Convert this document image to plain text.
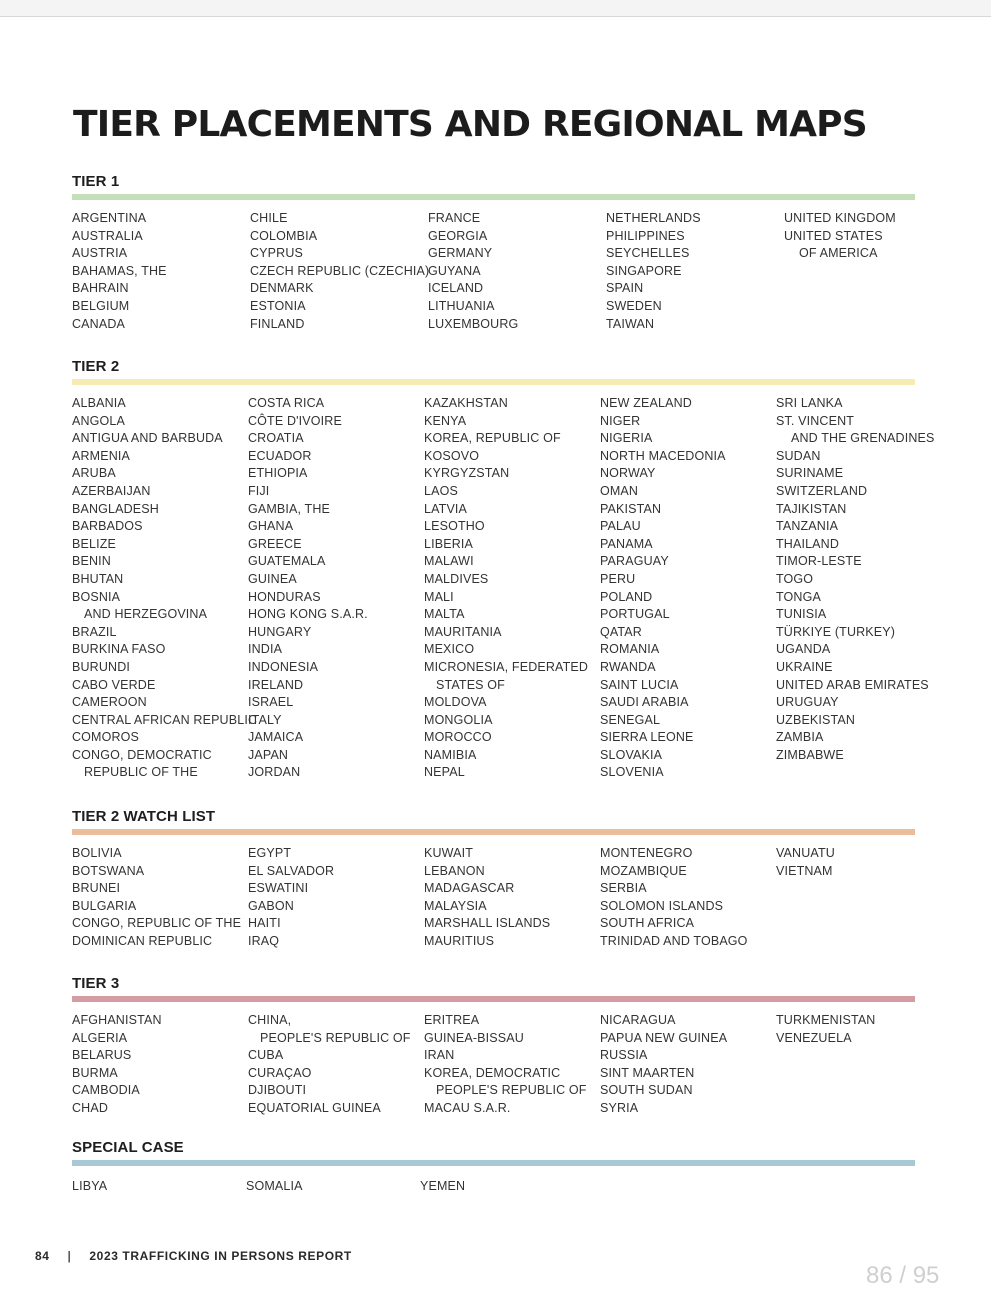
TIER PLACEMENTS AND REGIONAL MAPS
TIER 1
ARGENTINA
AUSTRALIA
AUSTRIA
BAHAMAS, THE
BAHRAIN
BELGIUM
CANADA
CHILE
COLOMBIA
CYPRUS
CZECH REPUBLIC (CZECHIA)
DENMARK
ESTONIA
FINLAND
FRANCE
GEORGIA
GERMANY
GUYANA
ICELAND
LITHUANIA
LUXEMBOURG
NETHERLANDS
PHILIPPINES
SEYCHELLES
SINGAPORE
SPAIN
SWEDEN
TAIWAN
UNITED KINGDOM
UNITED STATES
OF AMERICA
TIER 2
ALBANIA
ANGOLA
ANTIGUA AND BARBUDA
ARMENIA
ARUBA
AZERBAIJAN
BANGLADESH
BARBADOS
BELIZE
BENIN
BHUTAN
BOSNIA
AND HERZEGOVINA
BRAZIL
BURKINA FASO
BURUNDI
CABO VERDE
CAMEROON
CENTRAL AFRICAN REPUBLIC
COMOROS
CONGO, DEMOCRATIC
REPUBLIC OF THE
COSTA RICA
CÔTE D'IVOIRE
CROATIA
ECUADOR
ETHIOPIA
FIJI
GAMBIA, THE
GHANA
GREECE
GUATEMALA
GUINEA
HONDURAS
HONG KONG S.A.R.
HUNGARY
INDIA
INDONESIA
IRELAND
ISRAEL
ITALY
JAMAICA
JAPAN
JORDAN
KAZAKHSTAN
KENYA
KOREA, REPUBLIC OF
KOSOVO
KYRGYZSTAN
LAOS
LATVIA
LESOTHO
LIBERIA
MALAWI
MALDIVES
MALI
MALTA
MAURITANIA
MEXICO
MICRONESIA, FEDERATED
STATES OF
MOLDOVA
MONGOLIA
MOROCCO
NAMIBIA
NEPAL
NEW ZEALAND
NIGER
NIGERIA
NORTH MACEDONIA
NORWAY
OMAN
PAKISTAN
PALAU
PANAMA
PARAGUAY
PERU
POLAND
PORTUGAL
QATAR
ROMANIA
RWANDA
SAINT LUCIA
SAUDI ARABIA
SENEGAL
SIERRA LEONE
SLOVAKIA
SLOVENIA
SRI LANKA
ST. VINCENT
AND THE GRENADINES
SUDAN
SURINAME
SWITZERLAND
TAJIKISTAN
TANZANIA
THAILAND
TIMOR-LESTE
TOGO
TONGA
TUNISIA
TÜRKIYE (TURKEY)
UGANDA
UKRAINE
UNITED ARAB EMIRATES
URUGUAY
UZBEKISTAN
ZAMBIA
ZIMBABWE
TIER 2 WATCH LIST
BOLIVIA
BOTSWANA
BRUNEI
BULGARIA
CONGO, REPUBLIC OF THE
DOMINICAN REPUBLIC
EGYPT
EL SALVADOR
ESWATINI
GABON
HAITI
IRAQ
KUWAIT
LEBANON
MADAGASCAR
MALAYSIA
MARSHALL ISLANDS
MAURITIUS
MONTENEGRO
MOZAMBIQUE
SERBIA
SOLOMON ISLANDS
SOUTH AFRICA
TRINIDAD AND TOBAGO
VANUATU
VIETNAM
TIER 3
AFGHANISTAN
ALGERIA
BELARUS
BURMA
CAMBODIA
CHAD
CHINA,
PEOPLE'S REPUBLIC OF
CUBA
CURAÇAO
DJIBOUTI
EQUATORIAL GUINEA
ERITREA
GUINEA-BISSAU
IRAN
KOREA, DEMOCRATIC
PEOPLE'S REPUBLIC OF
MACAU S.A.R.
NICARAGUA
PAPUA NEW GUINEA
RUSSIA
SINT MAARTEN
SOUTH SUDAN
SYRIA
TURKMENISTAN
VENEZUELA
SPECIAL CASE
LIBYA	SOMALIA	YEMEN
84 | 2023 TRAFFICKING IN PERSONS REPORT
86 / 95
